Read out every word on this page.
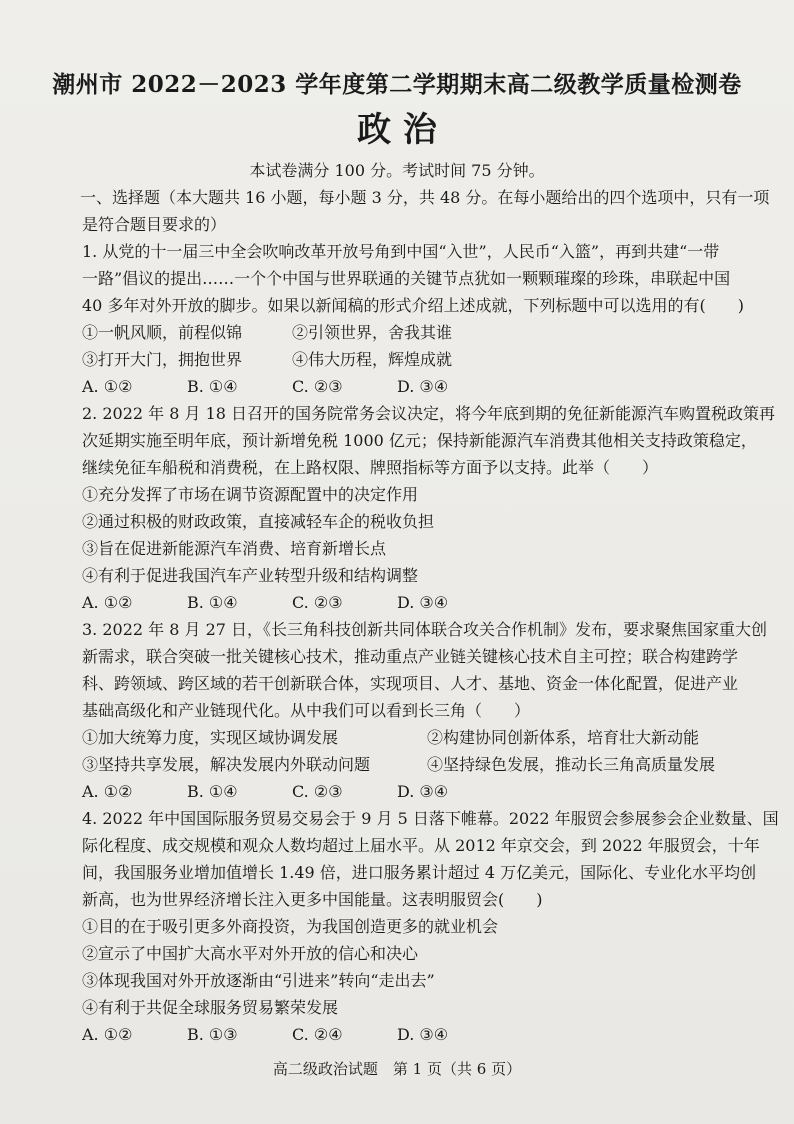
潮州市 2022－2023 学年度第二学期期末高二级教学质量检测卷
政 治
本试卷满分 100 分。考试时间 75 分钟。
一、选择题（本大题共 16 小题，每小题 3 分，共 48 分。在每小题给出的四个选项中，只有一项
是符合题目要求的）
1. 从党的十一届三中全会吹响改革开放号角到中国“入世”，人民币“入篮”，再到共建“一带
一路”倡议的提出……一个个中国与世界联通的关键节点犹如一颗颗璀璨的珍珠，串联起中国
40 多年对外开放的脚步。如果以新闻稿的形式介绍上述成就，下列标题中可以选用的有(　　)
①一帆风顺，前程似锦	②引领世界，舍我其谁
③打开大门，拥抱世界	④伟大历程，辉煌成就
A. ①②	B. ①④	C. ②③	D. ③④
2. 2022 年 8 月 18 日召开的国务院常务会议决定，将今年底到期的免征新能源汽车购置税政策再
次延期实施至明年底，预计新增免税 1000 亿元；保持新能源汽车消费其他相关支持政策稳定，
继续免征车船税和消费税，在上路权限、牌照指标等方面予以支持。此举（　　）
①充分发挥了市场在调节资源配置中的决定作用
②通过积极的财政政策，直接减轻车企的税收负担
③旨在促进新能源汽车消费、培育新增长点
④有利于促进我国汽车产业转型升级和结构调整
A. ①②	B. ①④	C. ②③	D. ③④
3. 2022 年 8 月 27 日，《长三角科技创新共同体联合攻关合作机制》发布，要求聚焦国家重大创
新需求，联合突破一批关键核心技术，推动重点产业链关键核心技术自主可控；联合构建跨学
科、跨领域、跨区域的若干创新联合体，实现项目、人才、基地、资金一体化配置，促进产业
基础高级化和产业链现代化。从中我们可以看到长三角（　　）
①加大统筹力度，实现区域协调发展	②构建协同创新体系，培育壮大新动能
③坚持共享发展，解决发展内外联动问题	④坚持绿色发展，推动长三角高质量发展
A. ①②	B. ①④	C. ②③	D. ③④
4. 2022 年中国国际服务贸易交易会于 9 月 5 日落下帷幕。2022 年服贸会参展参会企业数量、国
际化程度、成交规模和观众人数均超过上届水平。从 2012 年京交会，到 2022 年服贸会，十年
间，我国服务业增加值增长 1.49 倍，进口服务累计超过 4 万亿美元，国际化、专业化水平均创
新高，也为世界经济增长注入更多中国能量。这表明服贸会(　　)
①目的在于吸引更多外商投资，为我国创造更多的就业机会
②宣示了中国扩大高水平对外开放的信心和决心
③体现我国对外开放逐渐由“引进来”转向“走出去”
④有利于共促全球服务贸易繁荣发展
A. ①②	B. ①③	C. ②④	D. ③④
高二级政治试题　第 1 页（共 6 页）
